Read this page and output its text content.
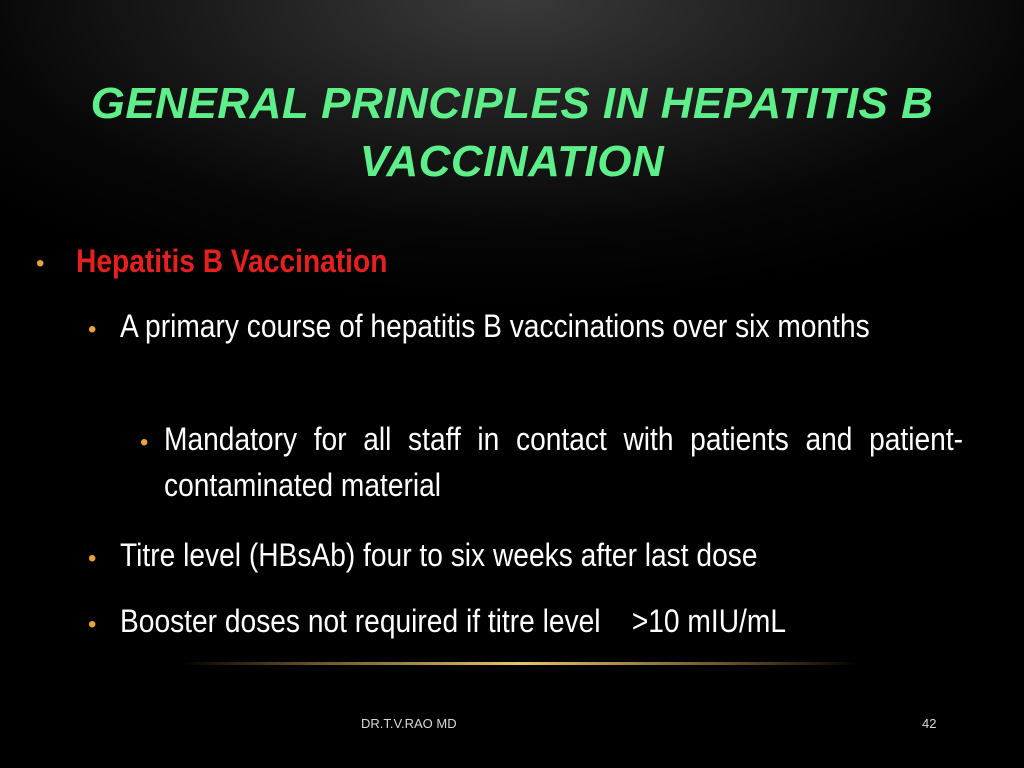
GENERAL PRINCIPLES IN HEPATITIS B VACCINATION
• Hepatitis B Vaccination
• A primary course of hepatitis B vaccinations over six months
• Mandatory for all staff in contact with patients and patient-contaminated material
• Titre level (HBsAb) four to six weeks after last dose
• Booster doses not required if titre level    >10 mIU/mL
DR.T.V.RAO MD	42
